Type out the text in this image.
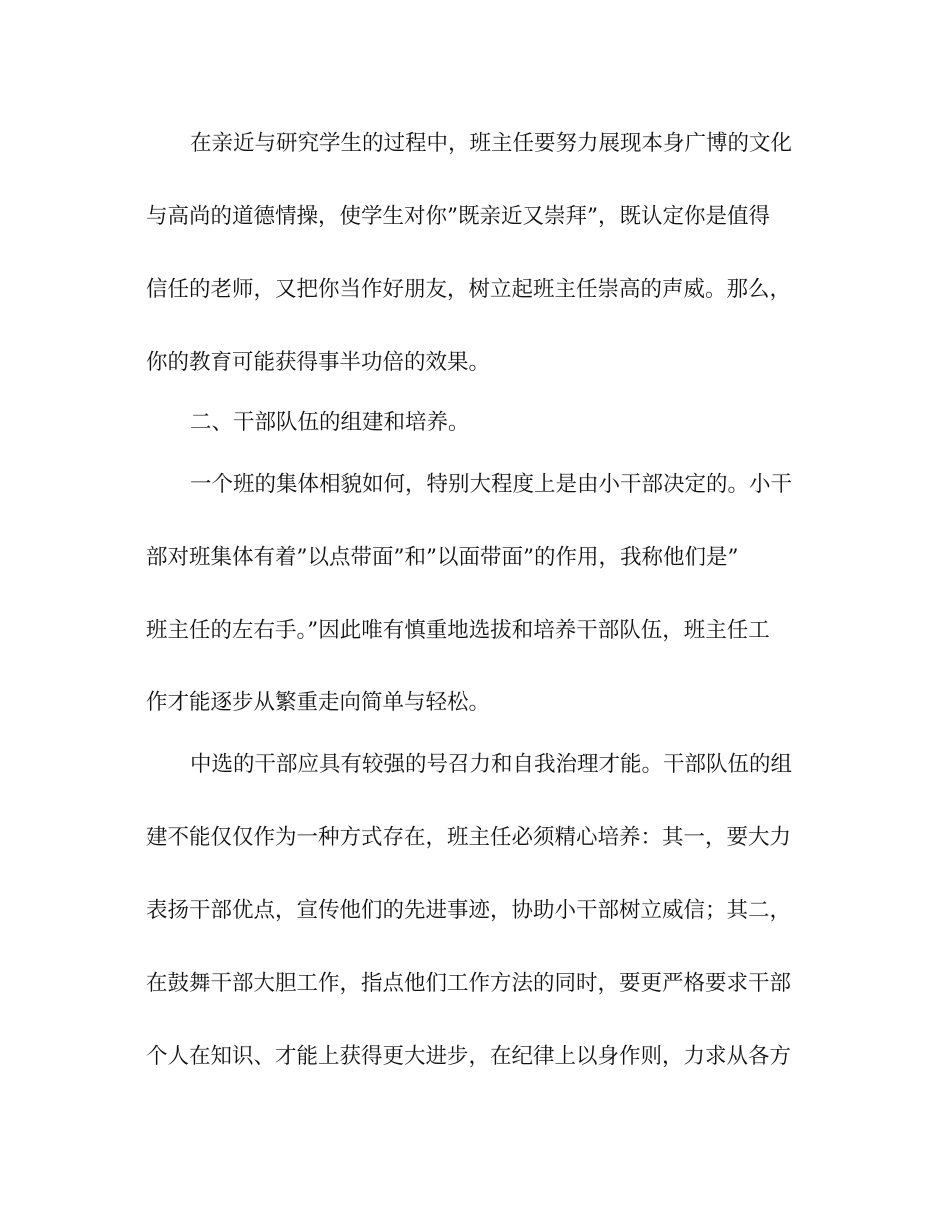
在亲近与研究学生的过程中，班主任要努力展现本身广博的文化
与高尚的道德情操，使学生对你”既亲近又崇拜”，既认定你是值得
信任的老师，又把你当作好朋友，树立起班主任崇高的声威。那么，
你的教育可能获得事半功倍的效果。
二、干部队伍的组建和培养。
一个班的集体相貌如何，特别大程度上是由小干部决定的。小干
部对班集体有着”以点带面”和”以面带面”的作用，我称他们是”
班主任的左右手。”因此唯有慎重地选拔和培养干部队伍，班主任工
作才能逐步从繁重走向简单与轻松。
中选的干部应具有较强的号召力和自我治理才能。干部队伍的组
建不能仅仅作为一种方式存在，班主任必须精心培养：其一，要大力
表扬干部优点，宣传他们的先进事迹，协助小干部树立威信；其二，
在鼓舞干部大胆工作，指点他们工作方法的同时，要更严格要求干部
个人在知识、才能上获得更大进步，在纪律上以身作则，力求从各方
